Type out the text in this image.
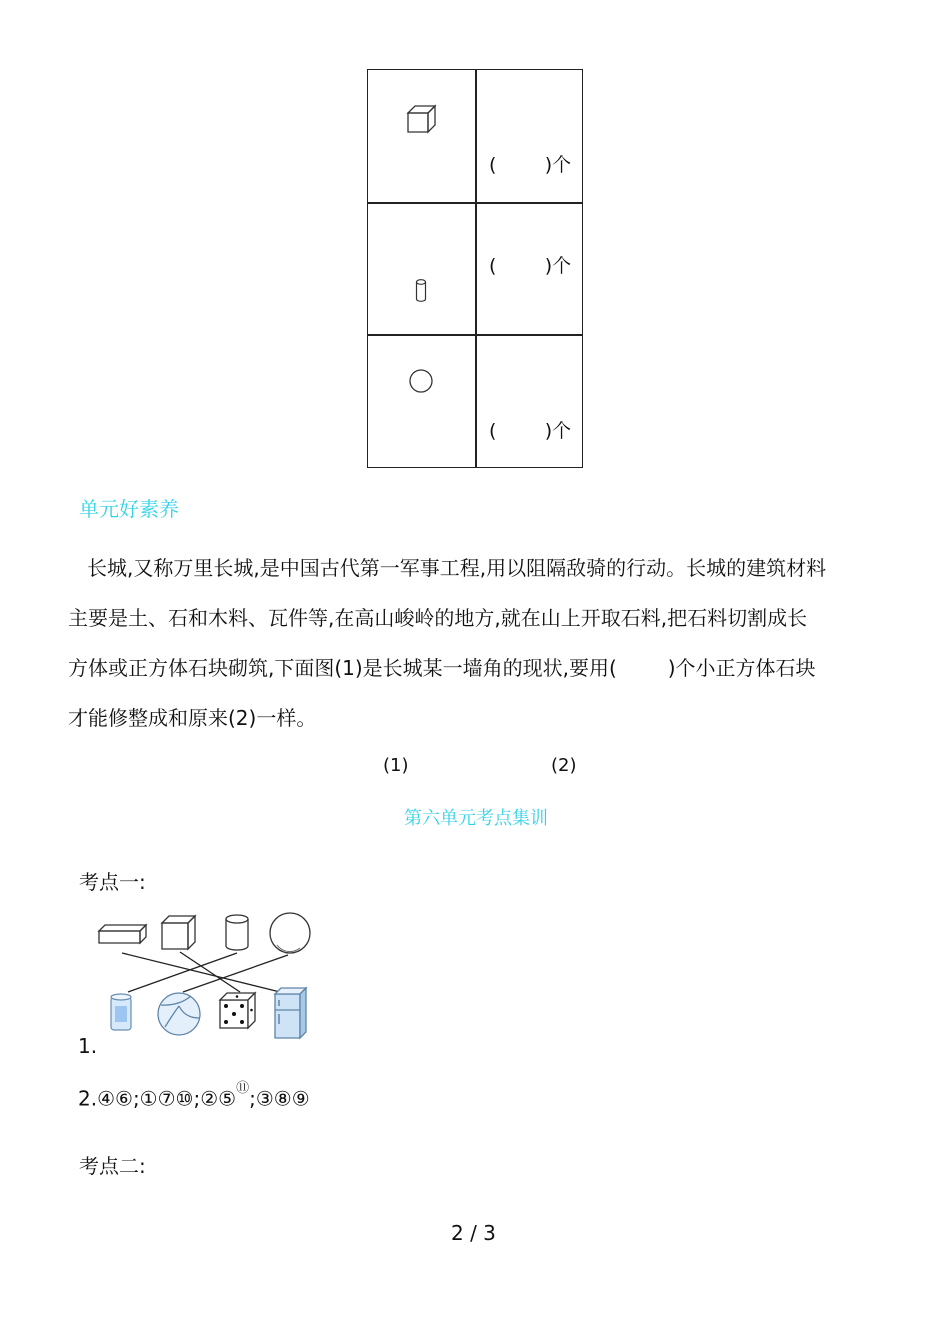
(        )个
(        )个
(        )个
单元好素养
长城,又称万里长城,是中国古代第一军事工程,用以阻隔敌骑的行动。长城的建筑材料
主要是土、石和木料、瓦件等,在高山峻岭的地方,就在山上开取石料,把石料切割成长
方体或正方体石块砌筑,下面图(1)是长城某一墙角的现状,要用(        )个小正方体石块
才能修整成和原来(2)一样。
(1)	(2)
第六单元考点集训
考点一:
1.
2.④⑥;①⑦⑩;②⑤⑪;③⑧⑨
考点二:
2 / 3
